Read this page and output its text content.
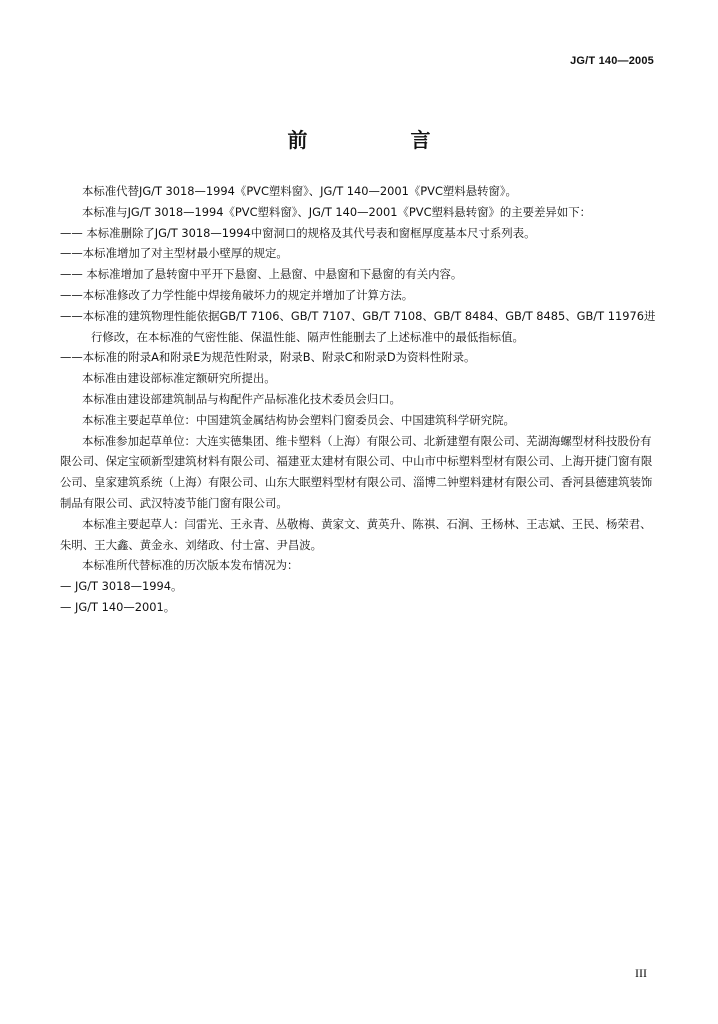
JG/T 140—2005
前 言

本标准代替JG/T 3018—1994《PVC塑料窗》、JG/T 140—2001《PVC塑料悬转窗》。

本标准与JG/T 3018—1994《PVC塑料窗》、JG/T 140—2001《PVC塑料悬转窗》的主要差异如下：

—— 本标准删除了JG/T 3018—1994中窗洞口的规格及其代号表和窗框厚度基本尺寸系列表。

——本标准增加了对主型材最小壁厚的规定。

—— 本标准增加了悬转窗中平开下悬窗、上悬窗、中悬窗和下悬窗的有关内容。

——本标准修改了力学性能中焊接角破坏力的规定并增加了计算方法。

——本标准的建筑物理性能依据GB/T 7106、GB/T 7107、GB/T 7108、GB/T 8484、GB/T 8485、GB/T 11976进行修改，在本标准的气密性能、保温性能、隔声性能删去了上述标准中的最低指标值。

——本标准的附录A和附录E为规范性附录，附录B、附录C和附录D为资料性附录。

本标准由建设部标准定额研究所提出。

本标准由建设部建筑制品与构配件产品标准化技术委员会归口。

本标准主要起草单位：中国建筑金属结构协会塑料门窗委员会、中国建筑科学研究院。

本标准参加起草单位：大连实德集团、维卡塑料（上海）有限公司、北新建塑有限公司、芜湖海螺型材科技股份有限公司、保定宝硕新型建筑材料有限公司、福建亚太建材有限公司、中山市中标塑料型材有限公司、上海开捷门窗有限公司、皇家建筑系统（上海）有限公司、山东大眠塑料型材有限公司、淄博二钟塑料建材有限公司、香河县德建筑装饰制品有限公司、武汉特凌节能门窗有限公司。

本标准主要起草人：闫雷光、王永青、丛敬梅、黄家文、黄英升、陈祺、石涧、王杨林、王志斌、王民、杨荣君、朱明、王大鑫、黄金永、刘绪政、付士富、尹昌波。

本标准所代替标准的历次版本发布情况为：

— JG/T 3018—1994。

— JG/T 140—2001。

III
